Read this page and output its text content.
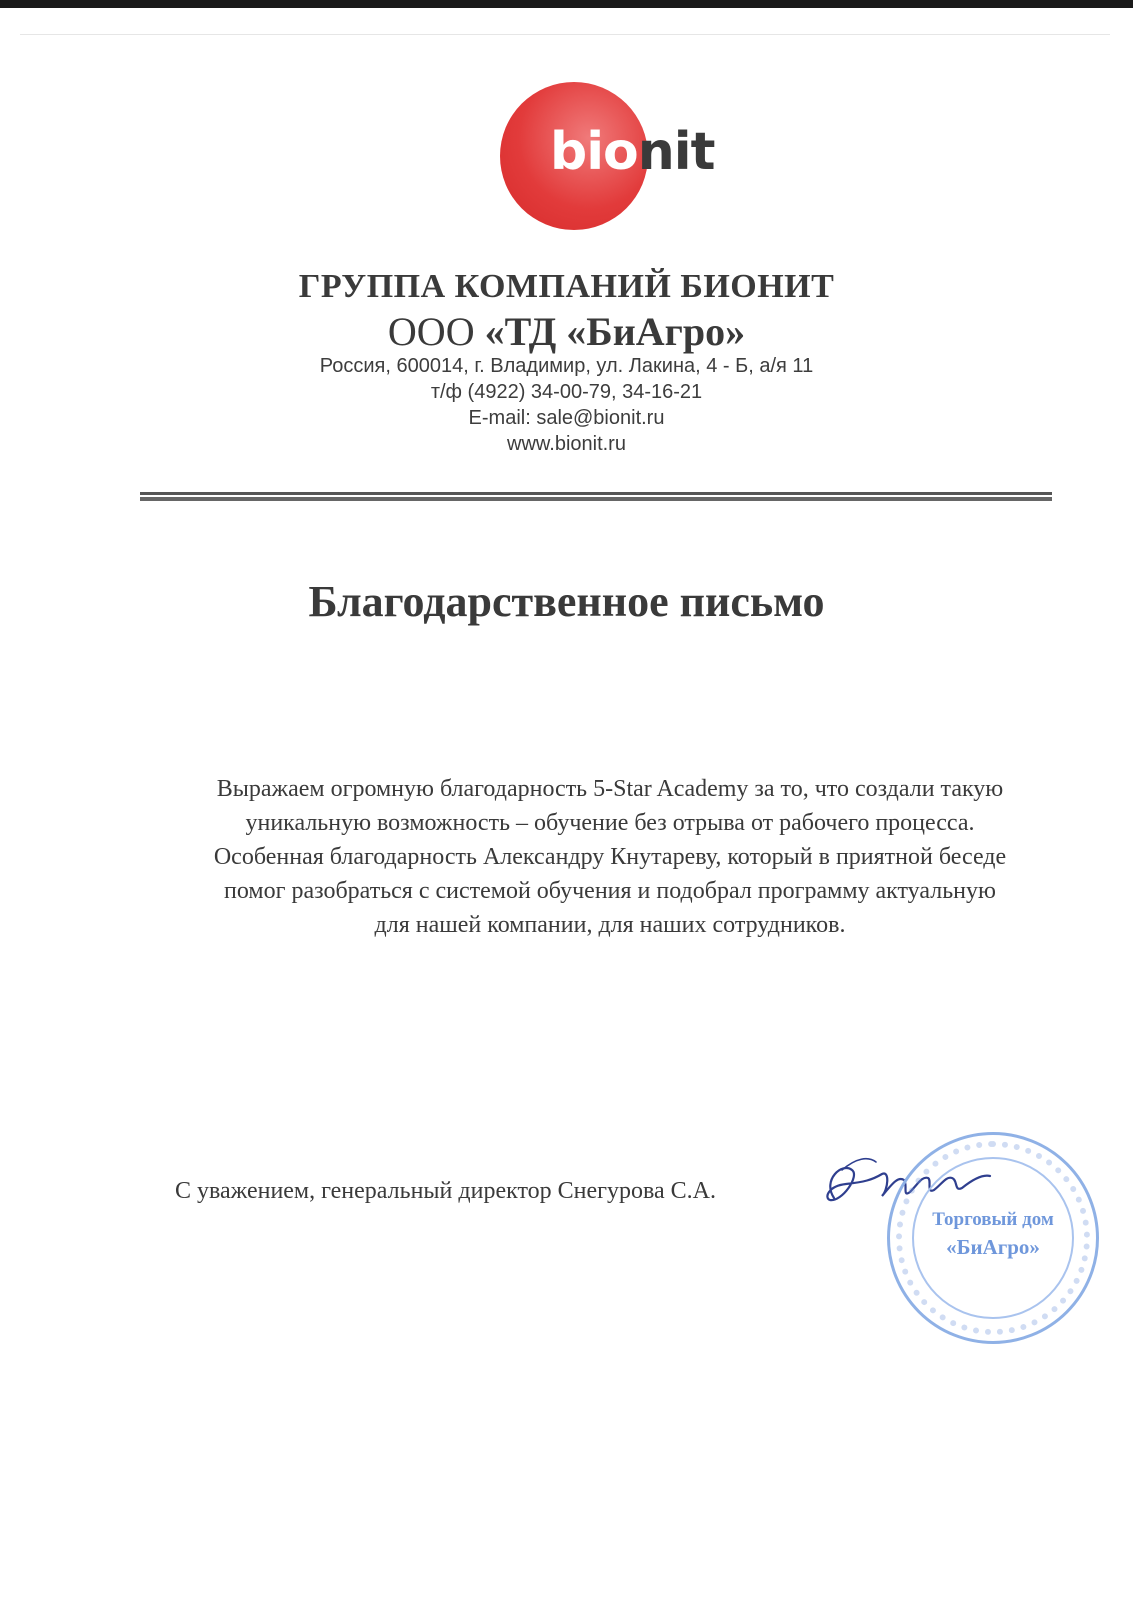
bionit
ГРУППА КОМПАНИЙ БИОНИТ
ООО «ТД «БиАгро»
Россия, 600014, г. Владимир, ул. Лакина, 4 - Б, а/я 11
т/ф (4922) 34-00-79, 34-16-21
E-mail: sale@bionit.ru
www.bionit.ru
Благодарственное письмо

Выражаем огромную благодарность 5-Star Academy за то, что создали такую

уникальную возможность – обучение без отрыва от рабочего процесса.

Особенная благодарность Александру Кнутареву, который в приятной беседе

помог разобраться с системой обучения и подобрал программу актуальную

для нашей компании, для наших сотрудников.

С уважением, генеральный директор Снегурова С.А.
Торговый дом
«БиАгро»
